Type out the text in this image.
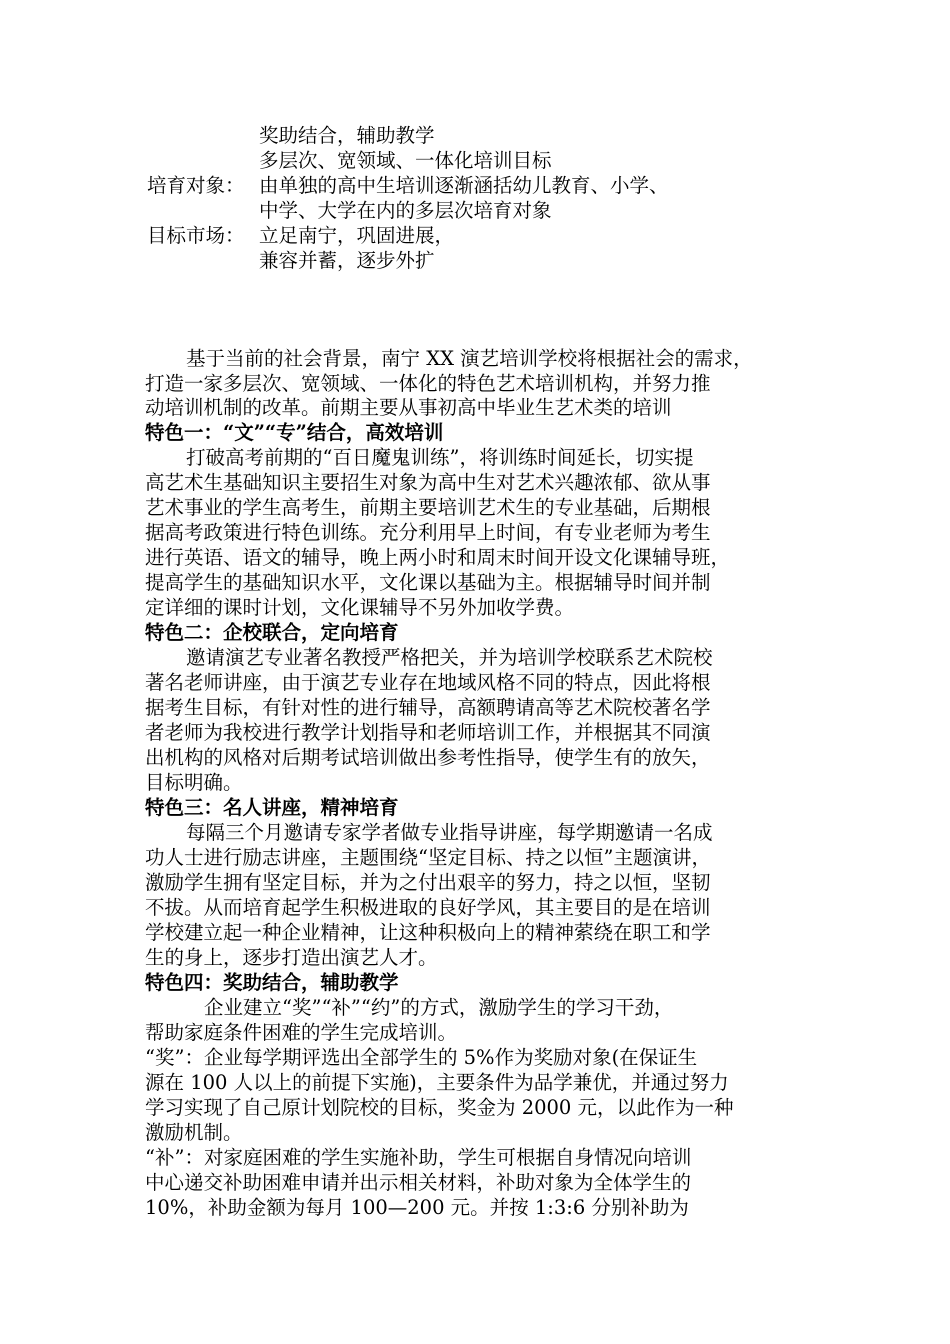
奖助结合，辅助教学
多层次、宽领域、一体化培训目标
培育对象： 由单独的高中生培训逐渐涵括幼儿教育、小学、
中学、大学在内的多层次培育对象
目标市场： 立足南宁，巩固进展，
兼容并蓄，逐步外扩
基于当前的社会背景，南宁 XX 演艺培训学校将根据社会的需求，
打造一家多层次、宽领域、一体化的特色艺术培训机构，并努力推
动培训机制的改革。前期主要从事初高中毕业生艺术类的培训
特色一：“文”“专”结合，高效培训
打破高考前期的“百日魔鬼训练”，将训练时间延长，切实提
高艺术生基础知识主要招生对象为高中生对艺术兴趣浓郁、欲从事
艺术事业的学生高考生，前期主要培训艺术生的专业基础，后期根
据高考政策进行特色训练。充分利用早上时间，有专业老师为考生
进行英语、语文的辅导，晚上两小时和周末时间开设文化课辅导班，
提高学生的基础知识水平，文化课以基础为主。根据辅导时间并制
定详细的课时计划，文化课辅导不另外加收学费。
特色二：企校联合，定向培育
邀请演艺专业著名教授严格把关，并为培训学校联系艺术院校
著名老师讲座，由于演艺专业存在地域风格不同的特点，因此将根
据考生目标，有针对性的进行辅导，高额聘请高等艺术院校著名学
者老师为我校进行教学计划指导和老师培训工作，并根据其不同演
出机构的风格对后期考试培训做出参考性指导，使学生有的放矢，
目标明确。
特色三：名人讲座，精神培育
每隔三个月邀请专家学者做专业指导讲座，每学期邀请一名成
功人士进行励志讲座，主题围绕“坚定目标、持之以恒”主题演讲，
激励学生拥有坚定目标，并为之付出艰辛的努力，持之以恒，坚韧
不拔。从而培育起学生积极进取的良好学风，其主要目的是在培训
学校建立起一种企业精神，让这种积极向上的精神萦绕在职工和学
生的身上，逐步打造出演艺人才。
特色四：奖助结合，辅助教学
企业建立“奖”“补”“约”的方式，激励学生的学习干劲，
帮助家庭条件困难的学生完成培训。
“奖”：企业每学期评选出全部学生的 5%作为奖励对象(在保证生
源在 100 人以上的前提下实施)，主要条件为品学兼优，并通过努力
学习实现了自己原计划院校的目标，奖金为 2000 元，以此作为一种
激励机制。
“补”：对家庭困难的学生实施补助，学生可根据自身情况向培训
中心递交补助困难申请并出示相关材料，补助对象为全体学生的
10%，补助金额为每月 100—200 元。并按 1:3:6 分别补助为
